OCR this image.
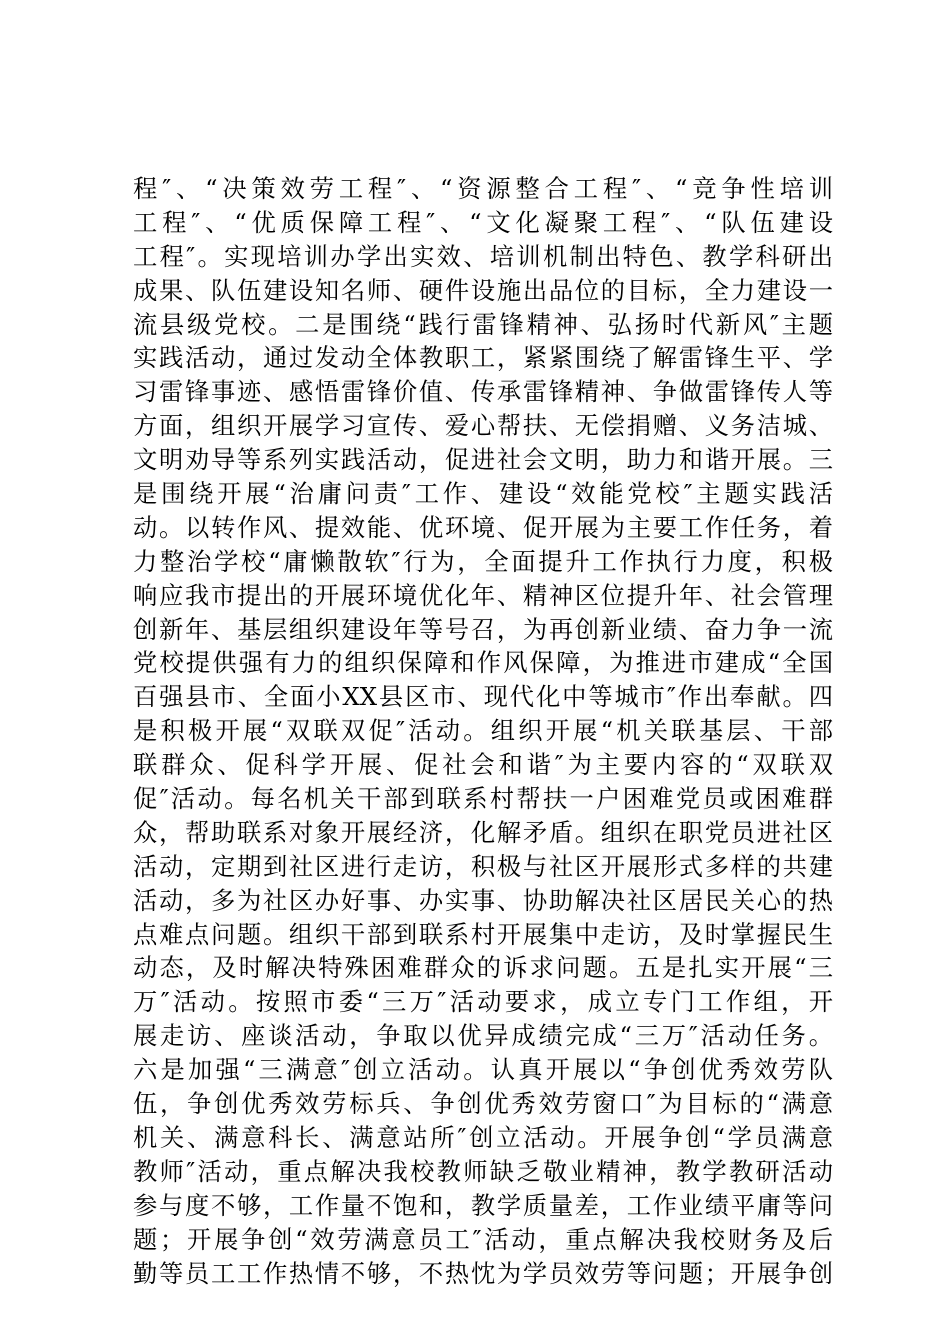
程″、“决策效劳工程″、“资源整合工程″、“竞争性培训
工程″、“优质保障工程″、“文化凝聚工程″、“队伍建设
工程″。实现培训办学出实效、培训机制出特色、教学科研出
成果、队伍建设知名师、硬件设施出品位的目标，全力建设一
流县级党校。二是围绕“践行雷锋精神、弘扬时代新风″主题
实践活动，通过发动全体教职工，紧紧围绕了解雷锋生平、学
习雷锋事迹、感悟雷锋价值、传承雷锋精神、争做雷锋传人等
方面，组织开展学习宣传、爱心帮扶、无偿捐赠、义务洁城、
文明劝导等系列实践活动，促进社会文明，助力和谐开展。三
是围绕开展“治庸问责″工作、建设“效能党校″主题实践活
动。以转作风、提效能、优环境、促开展为主要工作任务，着
力整治学校“庸懒散软″行为，全面提升工作执行力度，积极
响应我市提出的开展环境优化年、精神区位提升年、社会管理
创新年、基层组织建设年等号召，为再创新业绩、奋力争一流
党校提供强有力的组织保障和作风保障，为推进市建成“全国
百强县市、全面小XX县区市、现代化中等城市″作出奉献。四
是积极开展“双联双促″活动。组织开展“机关联基层、干部
联群众、促科学开展、促社会和谐″为主要内容的“双联双
促″活动。每名机关干部到联系村帮扶一户困难党员或困难群
众，帮助联系对象开展经济，化解矛盾。组织在职党员进社区
活动，定期到社区进行走访，积极与社区开展形式多样的共建
活动，多为社区办好事、办实事、协助解决社区居民关心的热
点难点问题。组织干部到联系村开展集中走访，及时掌握民生
动态，及时解决特殊困难群众的诉求问题。五是扎实开展“三
万″活动。按照市委“三万″活动要求，成立专门工作组，开
展走访、座谈活动，争取以优异成绩完成“三万″活动任务。
六是加强“三满意″创立活动。认真开展以“争创优秀效劳队
伍，争创优秀效劳标兵、争创优秀效劳窗口″为目标的“满意
机关、满意科长、满意站所″创立活动。开展争创“学员满意
教师″活动，重点解决我校教师缺乏敬业精神，教学教研活动
参与度不够，工作量不饱和，教学质量差，工作业绩平庸等问
题；开展争创“效劳满意员工″活动，重点解决我校财务及后
勤等员工工作热情不够，不热忱为学员效劳等问题；开展争创
